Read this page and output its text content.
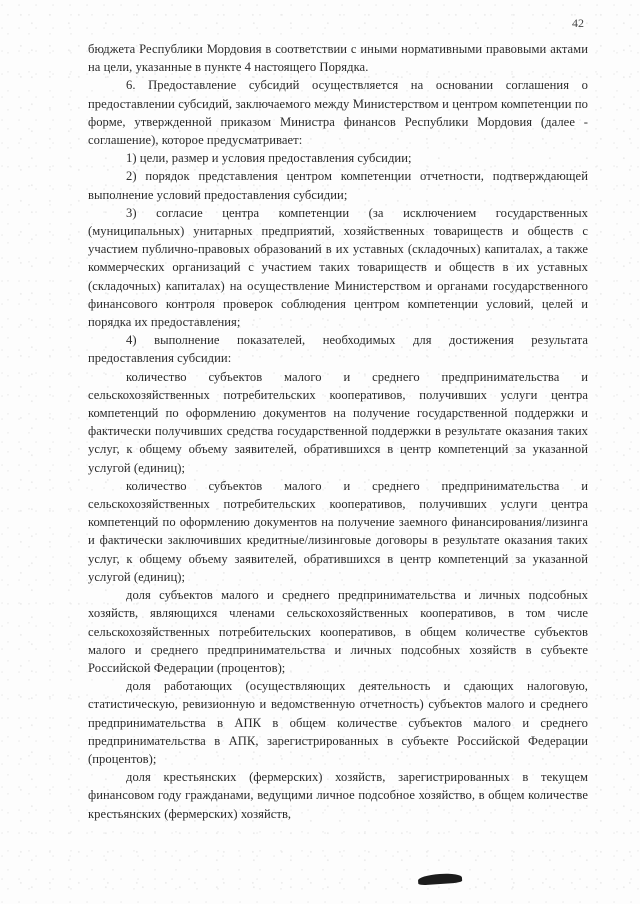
42

бюджета Республики Мордовия в соответствии с иными нормативными правовыми актами на цели, указанные в пункте 4 настоящего Порядка.

6. Предоставление субсидий осуществляется на основании соглашения о предоставлении субсидий, заключаемого между Министерством и центром компетенции по форме, утвержденной приказом Министра финансов Республики Мордовия (далее - соглашение), которое предусматривает:

1) цели, размер и условия предоставления субсидии;

2) порядок представления центром компетенции отчетности, подтверждающей выполнение условий предоставления субсидии;

3) согласие центра компетенции (за исключением государственных (муниципальных) унитарных предприятий, хозяйственных товариществ и обществ с участием публично-правовых образований в их уставных (складочных) капиталах, а также коммерческих организаций с участием таких товариществ и обществ в их уставных (складочных) капиталах) на осуществление Министерством и органами государственного финансового контроля проверок соблюдения центром компетенции условий, целей и порядка их предоставления;

4) выполнение показателей, необходимых для достижения результата предоставления субсидии:

количество субъектов малого и среднего предпринимательства и сельскохозяйственных потребительских кооперативов, получивших услуги центра компетенций по оформлению документов на получение государственной поддержки и фактически получивших средства государственной поддержки в результате оказания таких услуг, к общему объему заявителей, обратившихся в центр компетенций за указанной услугой (единиц);

количество субъектов малого и среднего предпринимательства и сельскохозяйственных потребительских кооперативов, получивших услуги центра компетенций по оформлению документов на получение заемного финансирования/лизинга и фактически заключивших кредитные/лизинговые договоры в результате оказания таких услуг, к общему объему заявителей, обратившихся в центр компетенций за указанной услугой (единиц);

доля субъектов малого и среднего предпринимательства и личных подсобных хозяйств, являющихся членами сельскохозяйственных кооперативов, в том числе сельскохозяйственных потребительских кооперативов, в общем количестве субъектов малого и среднего предпринимательства и личных подсобных хозяйств в субъекте Российской Федерации (процентов);

доля работающих (осуществляющих деятельность и сдающих налоговую, статистическую, ревизионную и ведомственную отчетность) субъектов малого и среднего предпринимательства в АПК в общем количестве субъектов малого и среднего предпринимательства в АПК, зарегистрированных в субъекте Российской Федерации (процентов);

доля крестьянских (фермерских) хозяйств, зарегистрированных в текущем финансовом году гражданами, ведущими личное подсобное хозяйство, в общем количестве крестьянских (фермерских) хозяйств,
